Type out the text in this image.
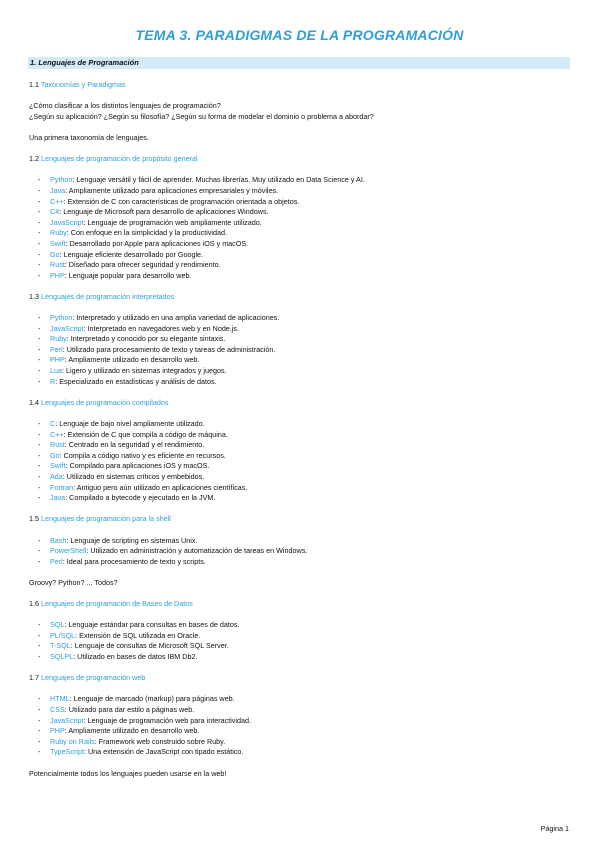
TEMA 3. PARADIGMAS DE LA PROGRAMACIÓN
1. Lenguajes de Programación

1.1 Taxonomías y Paradigmas

¿Cómo clasificar a los distintos lenguajes de programación?

¿Según su aplicación? ¿Según su filosofía? ¿Según su forma de modelar el dominio o problema a abordar?

Una primera taxonomía de lenguajes.

1.2 Lenguajes de programación de propósito general

- Python: Lenguaje versátil y fácil de aprender. Muchas librerías. Muy utilizado en Data Science y AI.
- Java: Ampliamente utilizado para aplicaciones empresariales y móviles.
- C++: Extensión de C con características de programación orientada a objetos.
- C#: Lenguaje de Microsoft para desarrollo de aplicaciones Windows.
- JavaScript: Lenguaje de programación web ampliamente utilizado.
- Ruby: Con enfoque en la simplicidad y la productividad.
- Swift: Desarrollado por Apple para aplicaciones iOS y macOS.
- Go: Lenguaje eficiente desarrollado por Google.
- Rust: Diseñado para ofrecer seguridad y rendimiento.
- PHP: Lenguaje popular para desarrollo web.

1.3 Lenguajes de programación interpretados

- Python: Interpretado y utilizado en una amplia variedad de aplicaciones.
- JavaScript: Interpretado en navegadores web y en Node.js.
- Ruby: Interpretado y conocido por su elegante sintaxis.
- Perl: Utilizado para procesamiento de texto y tareas de administración.
- PHP: Ampliamente utilizado en desarrollo web.
- Lua: Ligero y utilizado en sistemas integrados y juegos.
- R: Especializado en estadísticas y análisis de datos.

1.4 Lenguajes de programación compilados

- C: Lenguaje de bajo nivel ampliamente utilizado.
- C++: Extensión de C que compila a código de máquina.
- Rust: Centrado en la seguridad y el rendimiento.
- Go: Compila a código nativo y es eficiente en recursos.
- Swift: Compilado para aplicaciones iOS y macOS.
- Ada: Utilizado en sistemas críticos y embebidos.
- Fortran: Antiguo pero aún utilizado en aplicaciones científicas.
- Java: Compilado a bytecode y ejecutado en la JVM.

1.5 Lenguajes de programación para la shell

- Bash: Lenguaje de scripting en sistemas Unix.
- PowerShell: Utilizado en administración y automatización de tareas en Windows.
- Perl: Ideal para procesamiento de texto y scripts.

Groovy? Python? ... Todos?

1.6 Lenguajes de programación de Bases de Datos

- SQL: Lenguaje estándar para consultas en bases de datos.
- PL/SQL: Extensión de SQL utilizada en Oracle.
- T-SQL: Lenguaje de consultas de Microsoft SQL Server.
- SQLPL: Utilizado en bases de datos IBM Db2.

1.7 Lenguajes de programación web

- HTML: Lenguaje de marcado (markup) para páginas web.
- CSS: Utilizado para dar estilo a páginas web.
- JavaScript: Lenguaje de programación web para interactividad.
- PHP: Ampliamente utilizado en desarrollo web.
- Ruby on Rails: Framework web construido sobre Ruby.
- TypeScript: Una extensión de JavaScript con tipado estático.

Potencialmente todos los lenguajes pueden usarse en la web!

Página 1
